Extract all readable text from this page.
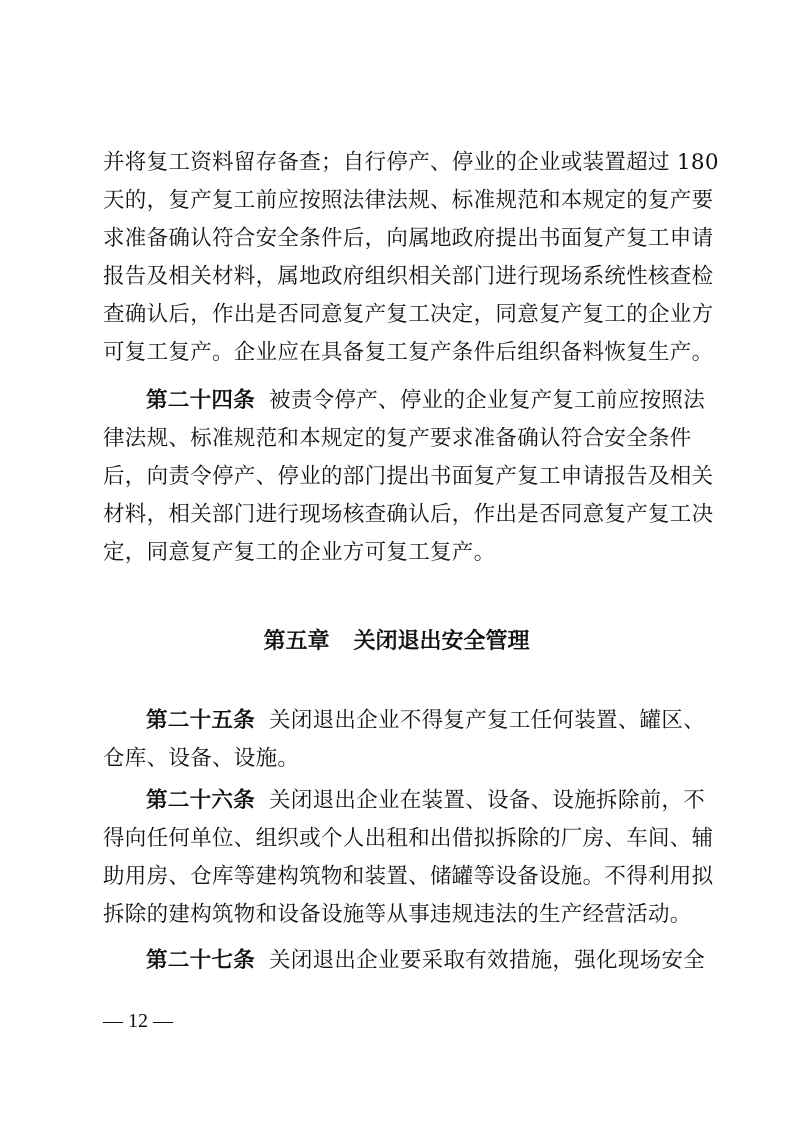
并将复工资料留存备查；自行停产、停业的企业或装置超过 180
天的，复产复工前应按照法律法规、标准规范和本规定的复产要
求准备确认符合安全条件后，向属地政府提出书面复产复工申请
报告及相关材料，属地政府组织相关部门进行现场系统性核查检
查确认后，作出是否同意复产复工决定，同意复产复工的企业方
可复工复产。企业应在具备复工复产条件后组织备料恢复生产。
第二十四条 被责令停产、停业的企业复产复工前应按照法
律法规、标准规范和本规定的复产要求准备确认符合安全条件
后，向责令停产、停业的部门提出书面复产复工申请报告及相关
材料，相关部门进行现场核查确认后，作出是否同意复产复工决
定，同意复产复工的企业方可复工复产。
第五章 关闭退出安全管理
第二十五条 关闭退出企业不得复产复工任何装置、罐区、
仓库、设备、设施。
第二十六条 关闭退出企业在装置、设备、设施拆除前，不
得向任何单位、组织或个人出租和出借拟拆除的厂房、车间、辅
助用房、仓库等建构筑物和装置、储罐等设备设施。不得利用拟
拆除的建构筑物和设备设施等从事违规违法的生产经营活动。
第二十七条 关闭退出企业要采取有效措施，强化现场安全
— 12 —
